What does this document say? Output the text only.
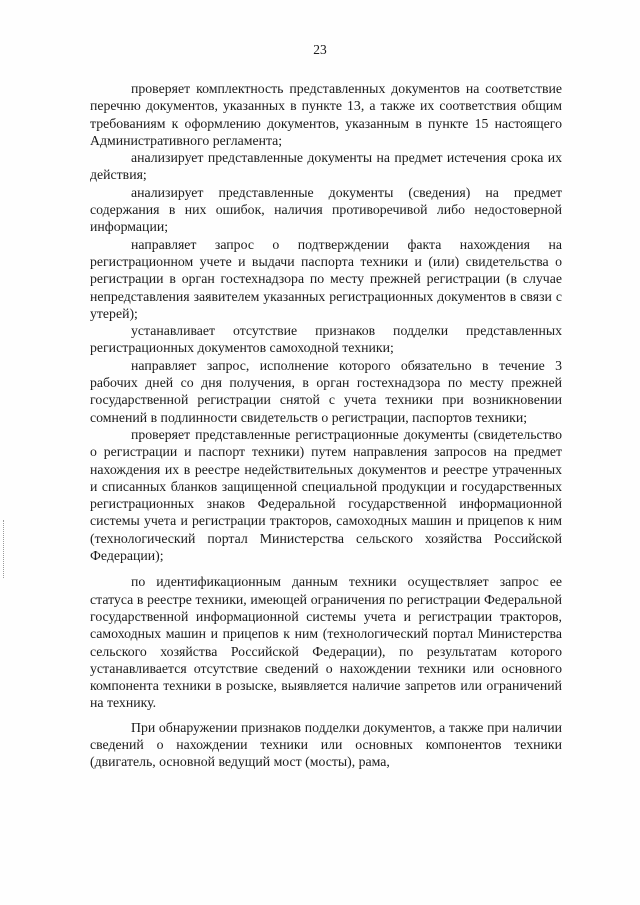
23

проверяет комплектность представленных документов на соответствие перечню документов, указанных в пункте 13, а также их соответствия общим требованиям к оформлению документов, указанным в пункте 15 настоящего Административного регламента;

анализирует представленные документы на предмет истечения срока их действия;

анализирует представленные документы (сведения) на предмет содержания в них ошибок, наличия противоречивой либо недостоверной информации;

направляет запрос о подтверждении факта нахождения на регистрационном учете и выдачи паспорта техники и (или) свидетельства о регистрации в орган гостехнадзора по месту прежней регистрации (в случае непредставления заявителем указанных регистрационных документов в связи с утерей);

устанавливает отсутствие признаков подделки представленных регистрационных документов самоходной техники;

направляет запрос, исполнение которого обязательно в течение 3 рабочих дней со дня получения, в орган гостехнадзора по месту прежней государственной регистрации снятой с учета техники при возникновении сомнений в подлинности свидетельств о регистрации, паспортов техники;

проверяет представленные регистрационные документы (свидетельство о регистрации и паспорт техники) путем направления запросов на предмет нахождения их в реестре недействительных документов и реестре утраченных и списанных бланков защищенной специальной продукции и государственных регистрационных знаков Федеральной государственной информационной системы учета и регистрации тракторов, самоходных машин и прицепов к ним (технологический портал Министерства сельского хозяйства Российской Федерации);

по идентификационным данным техники осуществляет запрос ее статуса в реестре техники, имеющей ограничения по регистрации Федеральной государственной информационной системы учета и регистрации тракторов, самоходных машин и прицепов к ним (технологический портал Министерства сельского хозяйства Российской Федерации), по результатам которого устанавливается отсутствие сведений о нахождении техники или основного компонента техники в розыске, выявляется наличие запретов или ограничений на технику.

При обнаружении признаков подделки документов, а также при наличии сведений о нахождении техники или основных компонентов техники (двигатель, основной ведущий мост (мосты), рама,
